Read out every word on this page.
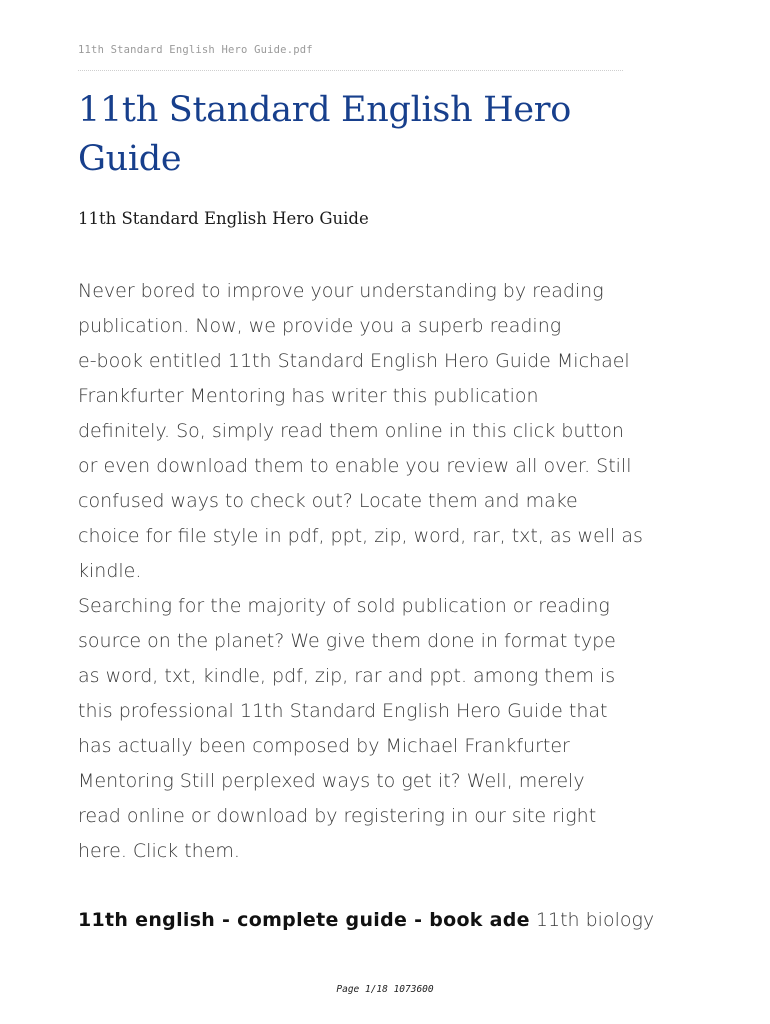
11th Standard English Hero Guide.pdf
11th Standard English Hero
Guide
11th Standard English Hero Guide

Never bored to improve your understanding by reading
publication. Now, we provide you a superb reading
e-book entitled 11th Standard English Hero Guide Michael
Frankfurter Mentoring has writer this publication
definitely. So, simply read them online in this click button
or even download them to enable you review all over. Still
confused ways to check out? Locate them and make
choice for file style in pdf, ppt, zip, word, rar, txt, as well as
kindle.
Searching for the majority of sold publication or reading
source on the planet? We give them done in format type
as word, txt, kindle, pdf, zip, rar and ppt. among them is
this professional 11th Standard English Hero Guide that
has actually been composed by Michael Frankfurter
Mentoring Still perplexed ways to get it? Well, merely
read online or download by registering in our site right
here. Click them.

11th english - complete guide - book ade 11th biology

Page 1/18 1073600
